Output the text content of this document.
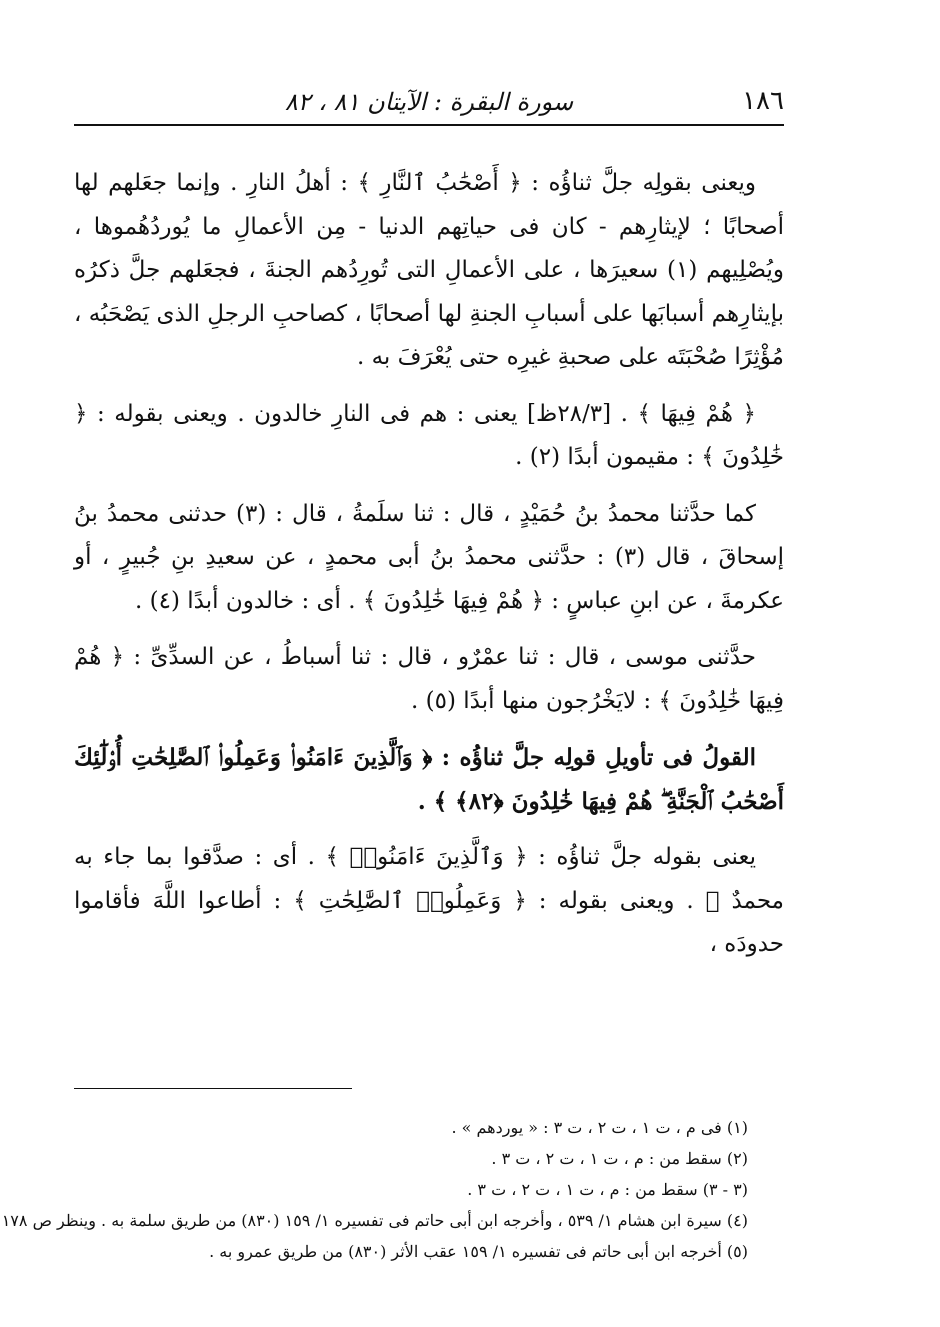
١٨٦
سورة البقرة : الآيتان ٨١ ، ٨٢

ويعنى بقولِه جلَّ ثناؤُه : ﴿ أَصْحَٰبُ ٱلنَّارِ ﴾ : أهلُ النارِ . وإنما جعَلهم لها أصحابًا ؛ لإيثارِهم - كان فى حياتِهم الدنيا - مِن الأعمالِ ما يُوردُهُموها ، ويُصْلِيهم (١) سعيرَها ، على الأعمالِ التى تُورِدُهم الجنةَ ، فجعَلهم جلَّ ذكرُه بإيثارِهم أسبابَها على أسبابِ الجنةِ لها أصحابًا ، كصاحبِ الرجلِ الذى يَصْحَبُه ، مُؤْثِرًا صُحْبَتَه على صحبةِ غيرِه حتى يُعْرَفَ به .

﴿ هُمْ فِيهَا ﴾ . [٢٨/٣ظ] يعنى : هم فى النارِ خالدون . ويعنى بقوله : ﴿ خَٰلِدُونَ ﴾ : مقيمون أبدًا (٢) .

كما حدَّثنا محمدُ بنُ حُمَيْدٍ ، قال : ثنا سلَمةُ ، قال : (٣) حدثنى محمدُ بنُ إسحاقَ ، قال (٣) : حدَّثنى محمدُ بنُ أبى محمدٍ ، عن سعيدِ بنِ جُبيرٍ ، أو عكرمةَ ، عن ابنِ عباسٍ : ﴿ هُمْ فِيهَا خَٰلِدُونَ ﴾ . أى : خالدون أبدًا (٤) .

حدَّثنى موسى ، قال : ثنا عمْرٌو ، قال : ثنا أسباطُ ، عن السدِّىِّ : ﴿ هُمْ فِيهَا خَٰلِدُونَ ﴾ : لايَخْرُجون منها أبدًا (٥) .

القولُ فى تأويلِ قولِه جلَّ ثناؤُه : ﴿ وَٱلَّذِينَ ءَامَنُوا۟ وَعَمِلُوا۟ ٱلصَّٰلِحَٰتِ أُو۟لَٰٓئِكَ أَصْحَٰبُ ٱلْجَنَّةِ ۖ هُمْ فِيهَا خَٰلِدُونَ ﴿٨٢﴾ ﴾ .

يعنى بقوله جلَّ ثناؤُه : ﴿ وَٱلَّذِينَ ءَامَنُوا۟ ﴾ . أى : صدَّقوا بما جاء به محمدٌ ﷺ . ويعنى بقوله : ﴿ وَعَمِلُوا۟ ٱلصَّٰلِحَٰتِ ﴾ : أطاعوا اللَّهَ فأقاموا حدودَه ،

(١) فى م ، ت ١ ، ت ٢ ، ت ٣ : « يوردهم » .

(٢) سقط من : م ، ت ١ ، ت ٢ ، ت ٣ .

(٣ - ٣) سقط من : م ، ت ١ ، ت ٢ ، ت ٣ .

(٤) سيرة ابن هشام ١/ ٥٣٩ ، وأخرجه ابن أبى حاتم فى تفسيره ١/ ١٥٩ (٨٣٠) من طريق سلمة به . وينظر ص ١٧٨

(٥) أخرجه ابن أبى حاتم فى تفسيره ١/ ١٥٩ عقب الأثر (٨٣٠) من طريق عمرو به .
